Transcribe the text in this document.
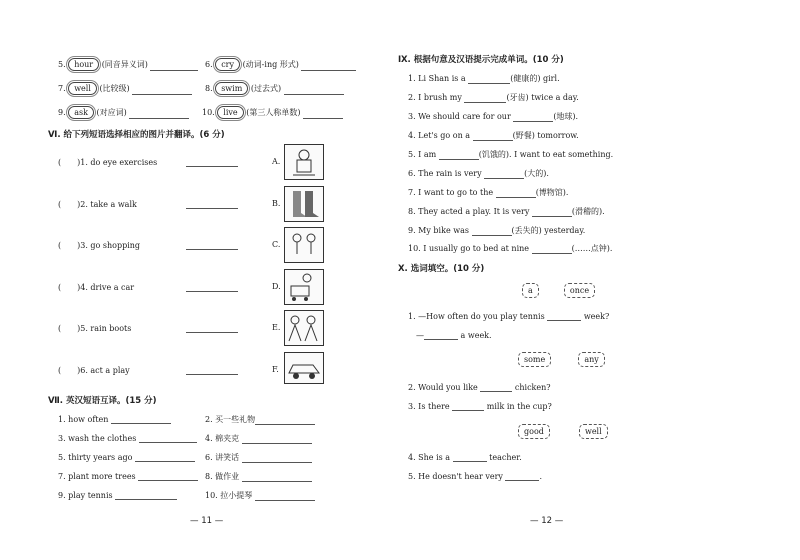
5. hour (同音异义词)	6. cry (动词-ing 形式)
7. well (比较级)	8. swim (过去式)
9. ask (对应词)	10. live (第三人称单数)
Ⅵ. 给下列短语选择相应的图片并翻译。(6 分)
(　　)1. do eye exercises	A.
(　　)2. take a walk	B.
(　　)3. go shopping	C.
(　　)4. drive a car	D.
(　　)5. rain boots	E.
(　　)6. act a play	F.
Ⅶ. 英汉短语互译。(15 分)
1. how often	2. 买一些礼物
3. wash the clothes	4. 棉夹克
5. thirty years ago	6. 讲笑话
7. plant more trees	8. 做作业
9. play tennis	10. 拉小提琴
— 11 —
Ⅸ. 根据句意及汉语提示完成单词。(10 分)
1. Li Shan is a	(健康的) girl.
2. I brush my	(牙齿) twice a day.
3. We should care for our	(地球).
4. Let's go on a	(野餐) tomorrow.
5. I am	(饥饿的). I want to eat something.
6. The rain is very	(大的).
7. I want to go to the	(博物馆).
8. They acted a play. It is very	(滑稽的).
9. My bike was	(丢失的) yesterday.
10. I usually go to bed at nine	(……点钟).
Ⅹ. 选词填空。(10 分)
a	once
1. —How often do you play tennis	week?
—	a week.
some	any
2. Would you like	chicken?
3. Is there	milk in the cup?
good	well
4. She is a	teacher.
5. He doesn't hear very	.
— 12 —
